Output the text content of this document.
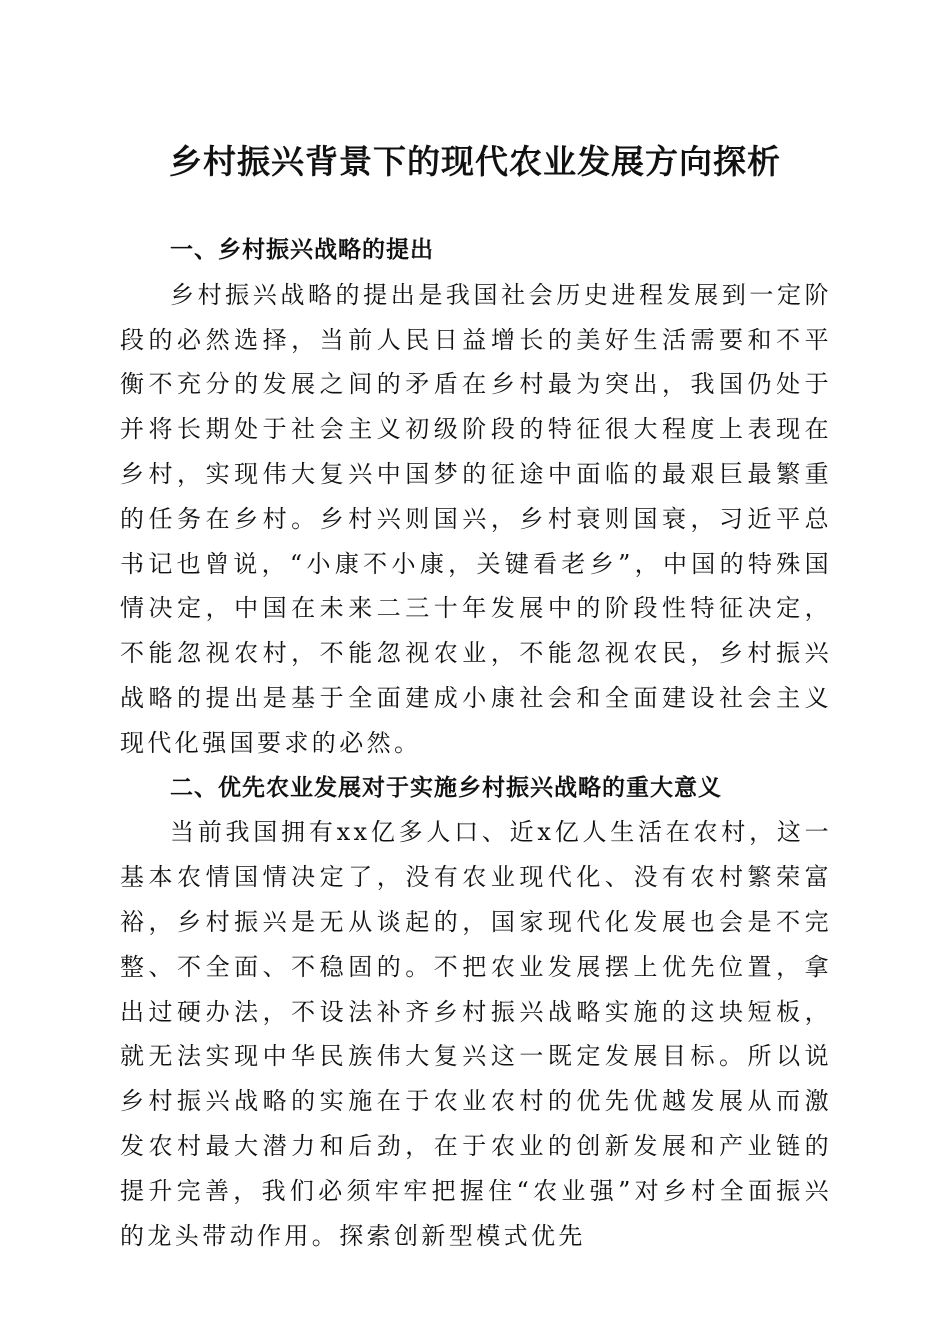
乡村振兴背景下的现代农业发展方向探析
一、乡村振兴战略的提出

乡村振兴战略的提出是我国社会历史进程发展到一定阶段的必然选择，当前人民日益增长的美好生活需要和不平衡不充分的发展之间的矛盾在乡村最为突出，我国仍处于并将长期处于社会主义初级阶段的特征很大程度上表现在乡村，实现伟大复兴中国梦的征途中面临的最艰巨最繁重的任务在乡村。乡村兴则国兴，乡村衰则国衰，习近平总书记也曾说，“小康不小康，关键看老乡”，中国的特殊国情决定，中国在未来二三十年发展中的阶段性特征决定，不能忽视农村，不能忽视农业，不能忽视农民，乡村振兴战略的提出是基于全面建成小康社会和全面建设社会主义现代化强国要求的必然。

二、优先农业发展对于实施乡村振兴战略的重大意义

当前我国拥有xx亿多人口、近x亿人生活在农村，这一基本农情国情决定了，没有农业现代化、没有农村繁荣富裕，乡村振兴是无从谈起的，国家现代化发展也会是不完整、不全面、不稳固的。不把农业发展摆上优先位置，拿出过硬办法，不设法补齐乡村振兴战略实施的这块短板，就无法实现中华民族伟大复兴这一既定发展目标。所以说乡村振兴战略的实施在于农业农村的优先优越发展从而激发农村最大潜力和后劲，在于农业的创新发展和产业链的提升完善，我们必须牢牢把握住“农业强”对乡村全面振兴的龙头带动作用。探索创新型模式优先
